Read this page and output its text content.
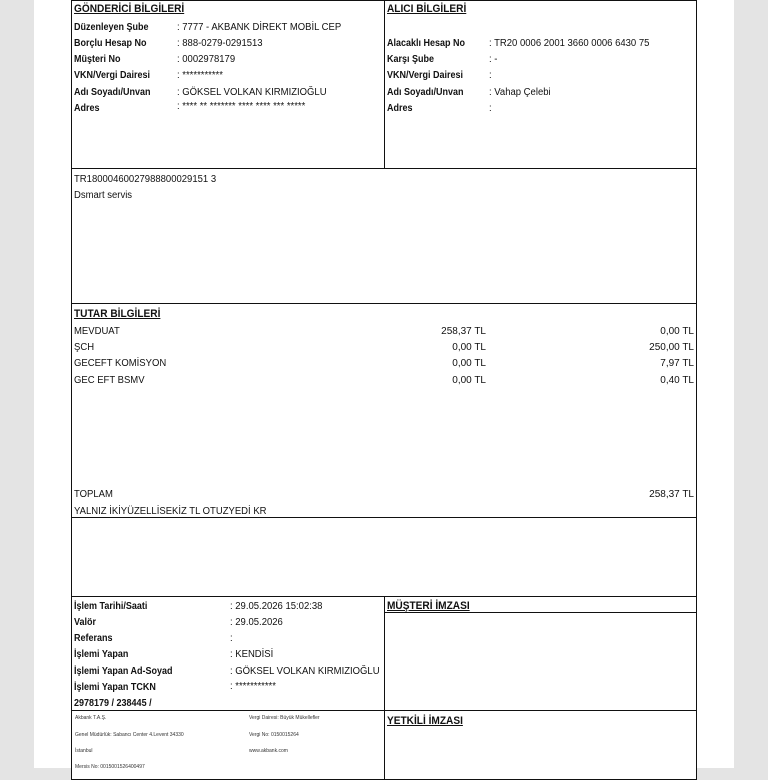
GÖNDERİCİ BİLGİLERİ
Düzenleyen Şube	: 7777 - AKBANK DİREKT MOBİL CEP
Borçlu Hesap No	: 888-0279-0291513
Müşteri No	: 0002978179
VKN/Vergi Dairesi	: ***********
Adı Soyadı/Unvan	: GÖKSEL VOLKAN KIRMIZIOĞLU
Adres	: **** ** ******* **** **** *** *****
ALICI BİLGİLERİ
Alacaklı Hesap No : TR20 0006 2001 3660 0006 6430 75
Karşı Şube	: -
VKN/Vergi Dairesi	:
Adı Soyadı/Unvan	: Vahap Çelebi
Adres	:
TR18000460027988800029151 3
Dsmart servis
TUTAR BİLGİLERİ
MEVDUAT	258,37 TL	0,00 TL
ŞCH	0,00 TL	250,00 TL
GECEFT KOMİSYON	0,00 TL	7,97 TL
GEC EFT BSMV	0,00 TL	0,40 TL
TOPLAM	258,37 TL
YALNIZ İKİYÜZELLİSEKİZ TL OTUZYEDİ KR
İşlem Tarihi/Saati	: 29.05.2026 15:02:38
Valör	: 29.05.2026
Referans	:
İşlemi Yapan	: KENDİSİ
İşlemi Yapan Ad-Soyad	: GÖKSEL VOLKAN KIRMIZIOĞLU
İşlemi Yapan TCKN	: ***********
2978179 / 238445 /
MÜŞTERİ İMZASI
Akbank T.A.Ş.
Genel Müdürlük: Sabancı Center 4.Levent 34330
İstanbul
Mersis No: 0015001526400497
Vergi Dairesi: Büyük Mükellefler
Vergi No: 0150015264
www.akbank.com
YETKİLİ İMZASI
